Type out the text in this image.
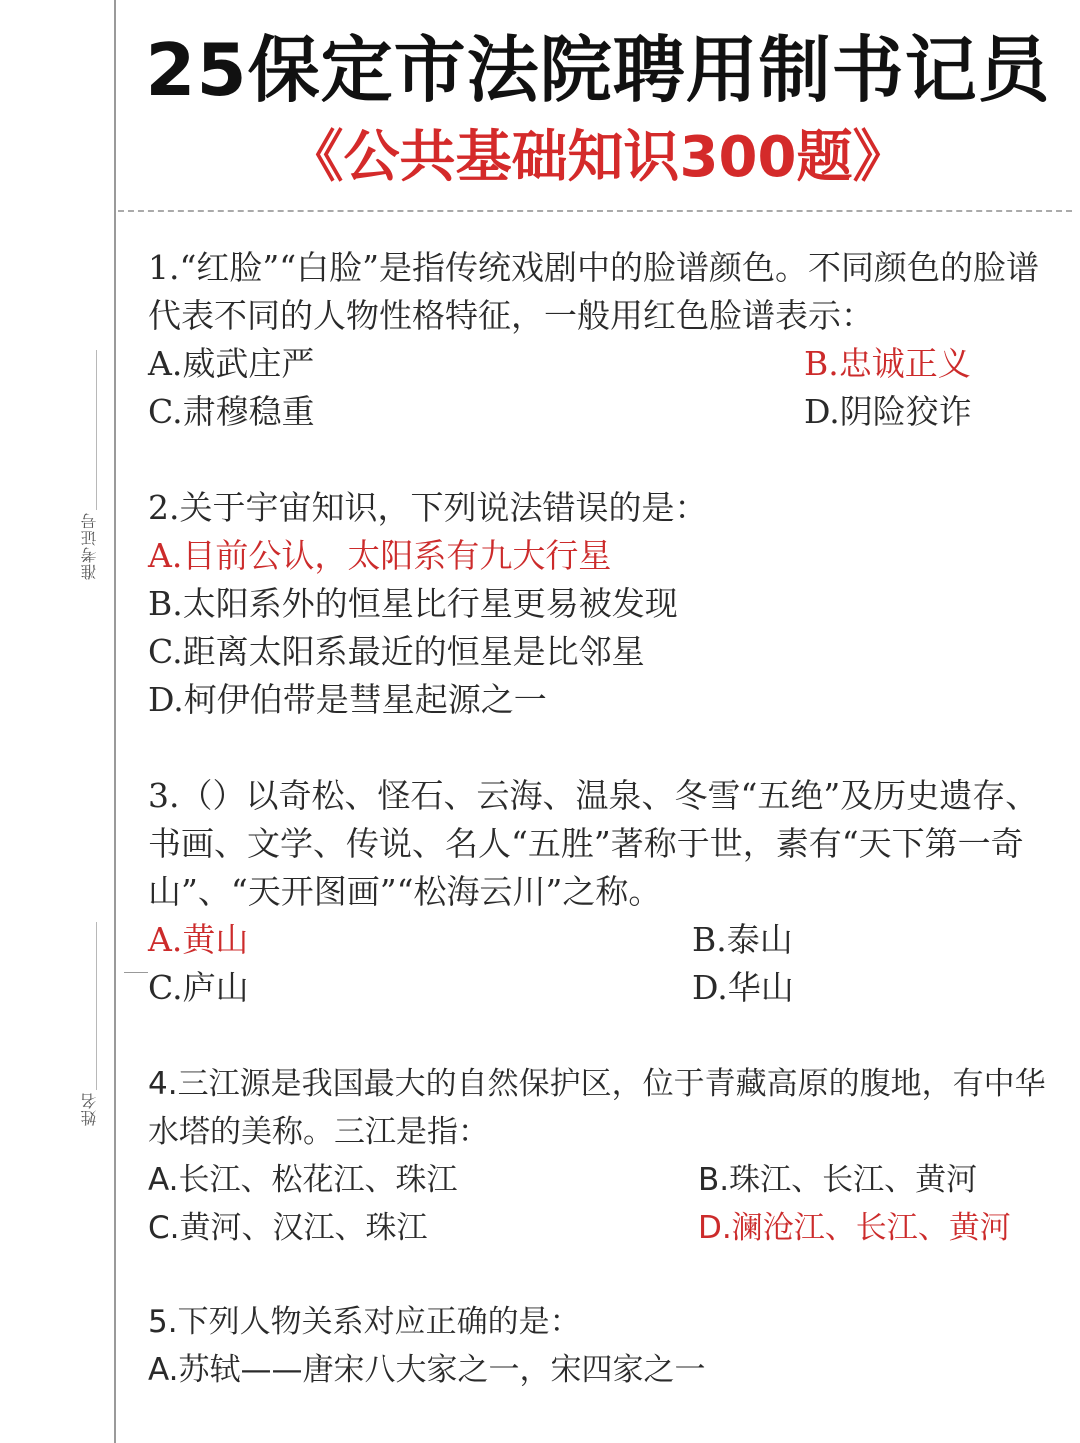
准考证号
姓名
25保定市法院聘用制书记员
《公共基础知识300题》
1.“红脸”“白脸”是指传统戏剧中的脸谱颜色。不同颜色的脸谱代表不同的人物性格特征，一般用红色脸谱表示：
A.威武庄严	B.忠诚正义
C.肃穆稳重	D.阴险狡诈
2.关于宇宙知识，下列说法错误的是：
A.目前公认，太阳系有九大行星
B.太阳系外的恒星比行星更易被发现
C.距离太阳系最近的恒星是比邻星
D.柯伊伯带是彗星起源之一
3.（）以奇松、怪石、云海、温泉、冬雪“五绝”及历史遗存、书画、文学、传说、名人“五胜”著称于世，素有“天下第一奇山”、“天开图画”“松海云川”之称。
A.黄山	B.泰山
C.庐山	D.华山
4.三江源是我国最大的自然保护区，位于青藏高原的腹地，有中华水塔的美称。三江是指：
A.长江、松花江、珠江	B.珠江、长江、黄河
C.黄河、汉江、珠江	D.澜沧江、长江、黄河
5.下列人物关系对应正确的是：
A.苏轼——唐宋八大家之一，宋四家之一
